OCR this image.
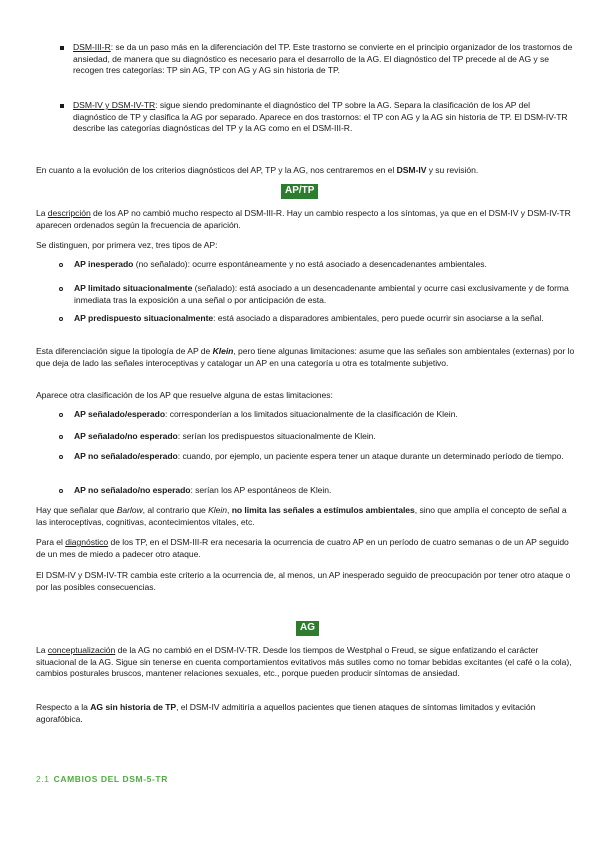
DSM-III-R: se da un paso más en la diferenciación del TP. Este trastorno se convierte en el principio organizador de los trastornos de ansiedad, de manera que su diagnóstico es necesario para el desarrollo de la AG. El diagnóstico del TP precede al de AG y se recogen tres categorías: TP sin AG, TP con AG y AG sin historia de TP.
DSM-IV y DSM-IV-TR: sigue siendo predominante el diagnóstico del TP sobre la AG. Separa la clasificación de los AP del diagnóstico de TP y clasifica la AG por separado. Aparece en dos trastornos: el TP con AG y la AG sin historia de TP. El DSM-IV-TR describe las categorías diagnósticas del TP y la AG como en el DSM-III-R.
En cuanto a la evolución de los criterios diagnósticos del AP, TP y la AG, nos centraremos en el DSM-IV y su revisión.
AP/TP
La descripción de los AP no cambió mucho respecto al DSM-III-R. Hay un cambio respecto a los síntomas, ya que en el DSM-IV y DSM-IV-TR aparecen ordenados según la frecuencia de aparición.
Se distinguen, por primera vez, tres tipos de AP:
AP inesperado (no señalado): ocurre espontáneamente y no está asociado a desencadenantes ambientales.
AP limitado situacionalmente (señalado): está asociado a un desencadenante ambiental y ocurre casi exclusivamente y de forma inmediata tras la exposición a una señal o por anticipación de esta.
AP predispuesto situacionalmente: está asociado a disparadores ambientales, pero puede ocurrir sin asociarse a la señal.
Esta diferenciación sigue la tipología de AP de Klein, pero tiene algunas limitaciones: asume que las señales son ambientales (externas) por lo que deja de lado las señales interoceptivas y catalogar un AP en una categoría u otra es totalmente subjetivo.
Aparece otra clasificación de los AP que resuelve alguna de estas limitaciones:
AP señalado/esperado: corresponderían a los limitados situacionalmente de la clasificación de Klein.
AP señalado/no esperado: serían los predispuestos situacionalmente de Klein.
AP no señalado/esperado: cuando, por ejemplo, un paciente espera tener un ataque durante un determinado período de tiempo.
AP no señalado/no esperado: serían los AP espontáneos de Klein.
Hay que señalar que Barlow, al contrario que Klein, no limita las señales a estímulos ambientales, sino que amplía el concepto de señal a las interoceptivas, cognitivas, acontecimientos vitales, etc.
Para el diagnóstico de los TP, en el DSM-III-R era necesaria la ocurrencia de cuatro AP en un período de cuatro semanas o de un AP seguido de un mes de miedo a padecer otro ataque.
El DSM-IV y DSM-IV-TR cambia este criterio a la ocurrencia de, al menos, un AP inesperado seguido de preocupación por tener otro ataque o por las posibles consecuencias.
AG
La conceptualización de la AG no cambió en el DSM-IV-TR. Desde los tiempos de Westphal o Freud, se sigue enfatizando el carácter situacional de la AG. Sigue sin tenerse en cuenta comportamientos evitativos más sutiles como no tomar bebidas excitantes (el café o la cola), cambios posturales bruscos, mantener relaciones sexuales, etc., porque pueden producir síntomas de ansiedad.
Respecto a la AG sin historia de TP, el DSM-IV admitiría a aquellos pacientes que tienen ataques de síntomas limitados y evitación agorafóbica.
2.1 CAMBIOS DEL DSM-5-TR
